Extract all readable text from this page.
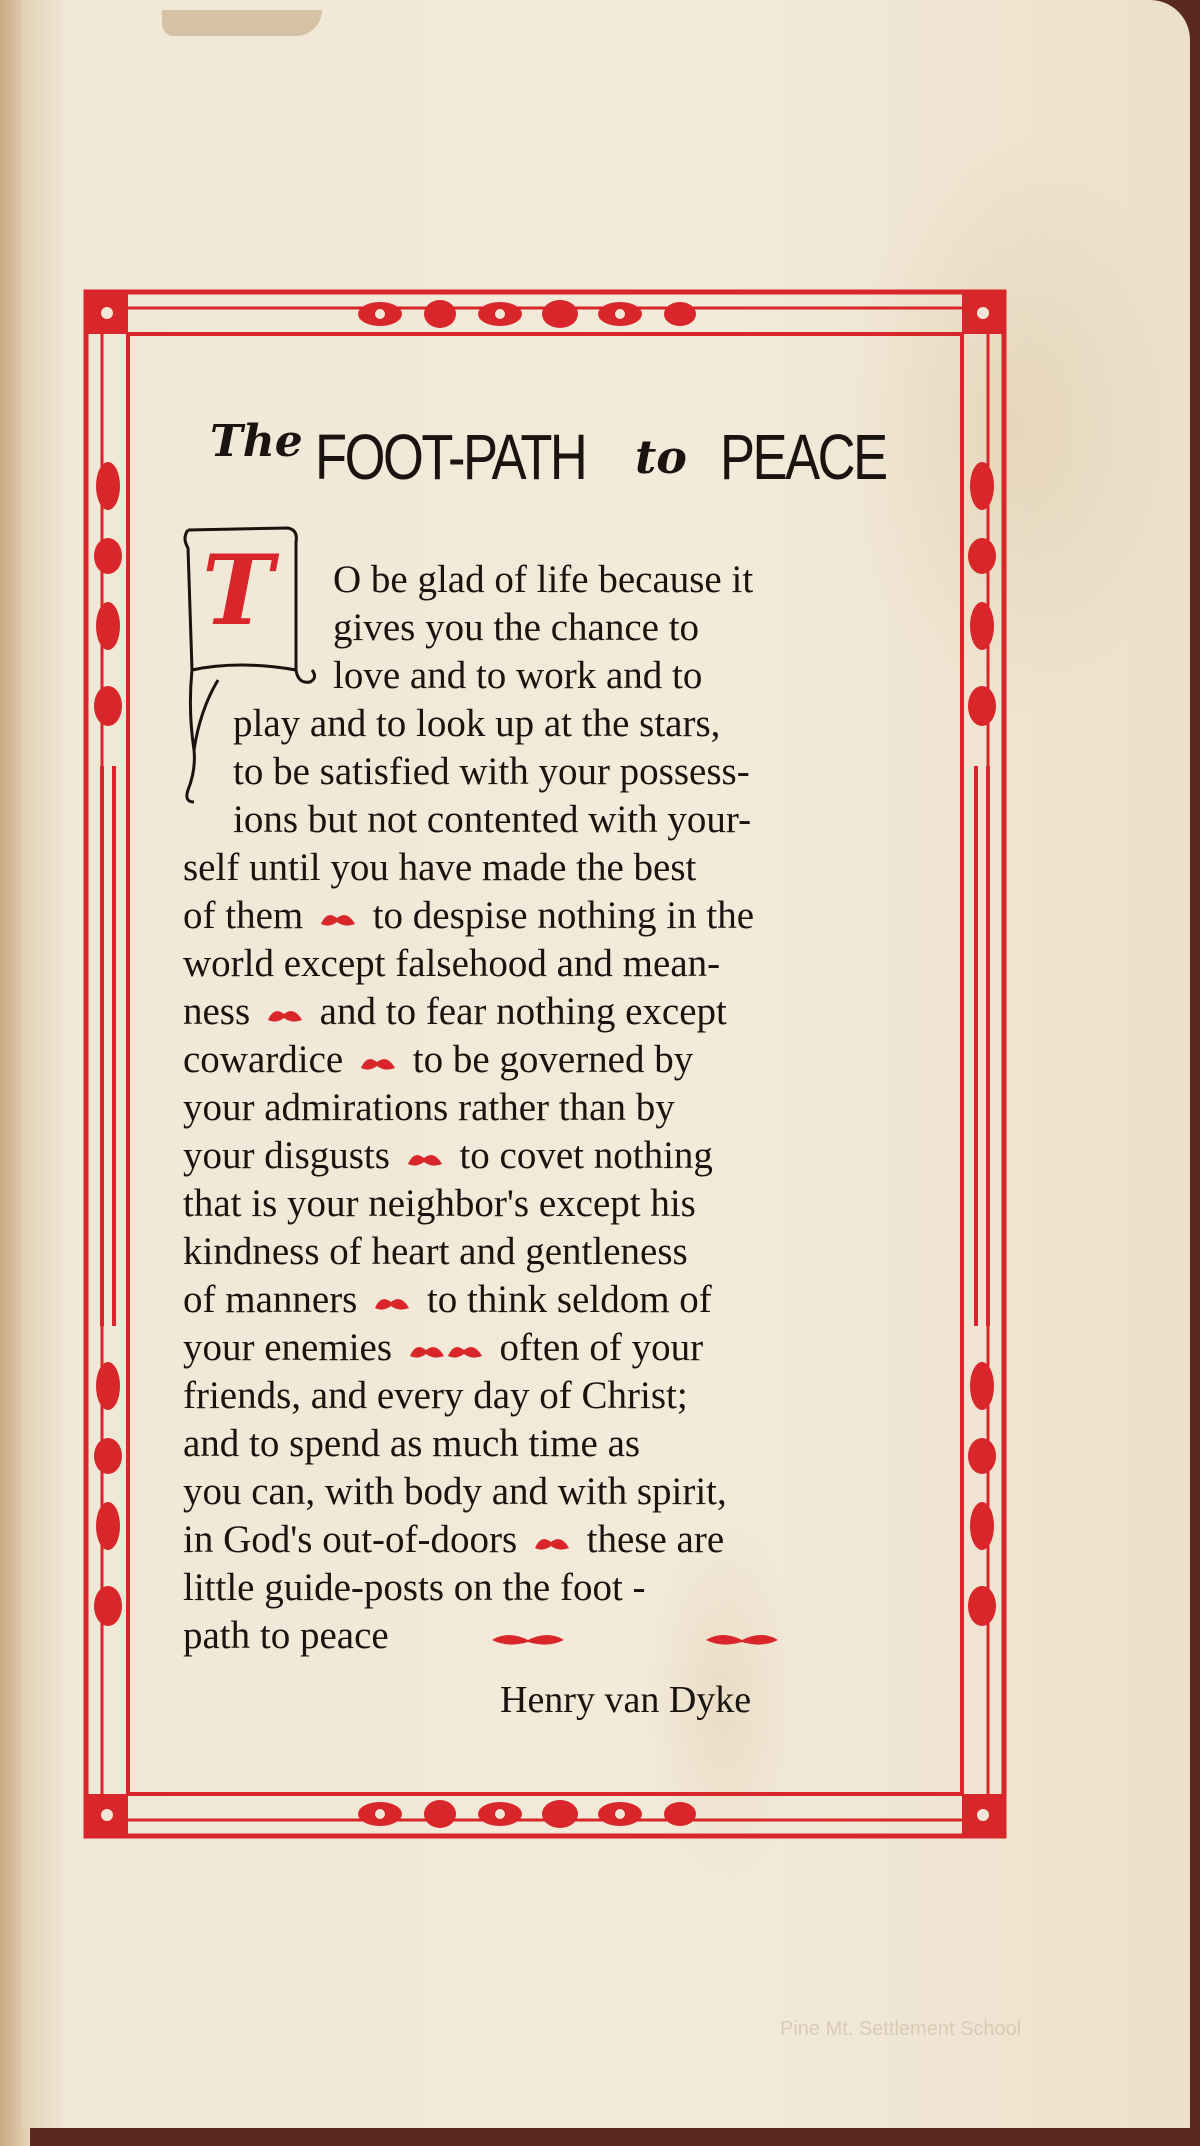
The FOOT-PATH to PEACE
T O be glad of life because it
gives you the chance to
love and to work and to
play and to look up at the stars,
to be satisfied with your possess-
ions but not contented with your-
self until you have made the best
of them to despise nothing in the
world except falsehood and mean-
ness and to fear nothing except
cowardice to be governed by
your admirations rather than by
your disgusts to covet nothing
that is your neighbor's except his
kindness of heart and gentleness
of manners to think seldom of
your enemies	often of your
friends, and every day of Christ;
and to spend as much time as
you can, with body and with spirit,
in God's out-of-doors these are
little guide-posts on the foot -
path to peace
Henry van Dyke
Pine Mt. Settlement School
